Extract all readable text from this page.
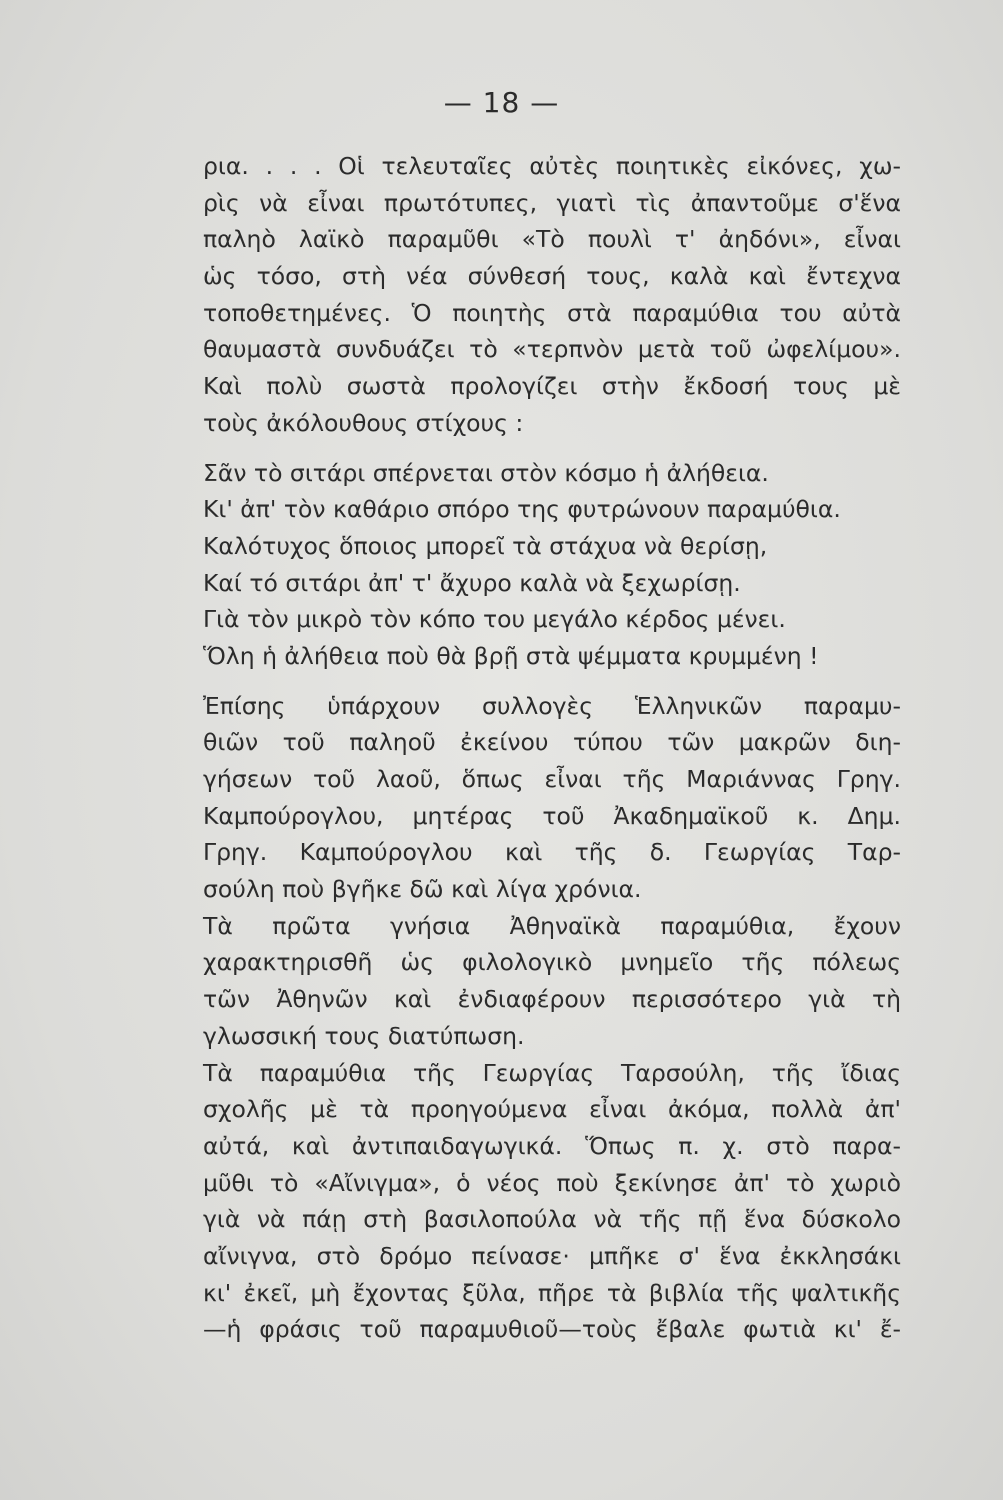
— 18 —
ρια. . . . Οἱ τελευταῖες αὐτὲς ποιητικὲς εἰκόνες, χω-
ρὶς νὰ εἶναι πρωτότυπες, γιατὶ τὶς ἀπαντοῦμε σ'ἕνα
παληὸ λαϊκὸ παραμῦθι «Τὸ πουλὶ τ' ἀηδόνι», εἶναι
ὡς τόσο, στὴ νέα σύνθεσή τους, καλὰ καὶ ἔντεχνα
τοποθετημένες. Ὁ ποιητὴς στὰ παραμύθια του αὐτὰ
θαυμαστὰ συνδυάζει τὸ «τερπνὸν μετὰ τοῦ ὠφελίμου».
Καὶ πολὺ σωστὰ προλογίζει στὴν ἔκδοσή τους μὲ
τοὺς ἀκόλουθους στίχους :
Σᾶν τὸ σιτάρι σπέρνεται στὸν κόσμο ἡ ἀλήθεια.
Κι' ἀπ' τὸν καθάριο σπόρο της φυτρώνουν παραμύθια.
Καλότυχος ὅποιος μπορεῖ τὰ στάχυα νὰ θερίσῃ,
Καί τό σιτάρι ἀπ' τ' ἄχυρο καλὰ νὰ ξεχωρίσῃ.
Γιὰ τὸν μικρὸ τὸν κόπο του μεγάλο κέρδος μένει.
Ὅλη ἡ ἀλήθεια ποὺ θὰ βρῇ στὰ ψέμματα κρυμμένη !
Ἐπίσης ὑπάρχουν συλλογὲς Ἑλληνικῶν παραμυ-
θιῶν τοῦ παληοῦ ἐκείνου τύπου τῶν μακρῶν διη-
γήσεων τοῦ λαοῦ, ὅπως εἶναι τῆς Μαριάννας Γρηγ.
Καμπούρογλου, μητέρας τοῦ Ἀκαδημαϊκοῦ κ. Δημ.
Γρηγ. Καμπούρογλου καὶ τῆς δ. Γεωργίας Ταρ-
σούλη ποὺ βγῆκε δῶ καὶ λίγα χρόνια.
Τὰ πρῶτα γνήσια Ἀθηναϊκὰ παραμύθια, ἔχουν
χαρακτηρισθῆ ὡς φιλολογικὸ μνημεῖο τῆς πόλεως
τῶν Ἀθηνῶν καὶ ἐνδιαφέρουν περισσότερο γιὰ τὴ
γλωσσική τους διατύπωση.
Τὰ παραμύθια τῆς Γεωργίας Ταρσούλη, τῆς ἴδιας
σχολῆς μὲ τὰ προηγούμενα εἶναι ἀκόμα, πολλὰ ἀπ'
αὐτά, καὶ ἀντιπαιδαγωγικά. Ὅπως π. χ. στὸ παρα-
μῦθι τὸ «Αἴνιγμα», ὁ νέος ποὺ ξεκίνησε ἀπ' τὸ χωριὸ
γιὰ νὰ πάῃ στὴ βασιλοπούλα νὰ τῆς πῇ ἕνα δύσκολο
αἴνιγνα, στὸ δρόμο πείνασε· μπῆκε σ' ἕνα ἐκκλησάκι
κι' ἐκεῖ, μὴ ἔχοντας ξῦλα, πῆρε τὰ βιβλία τῆς ψαλτικῆς
—ἡ φράσις τοῦ παραμυθιοῦ—τοὺς ἔβαλε φωτιὰ κι' ἔ-
